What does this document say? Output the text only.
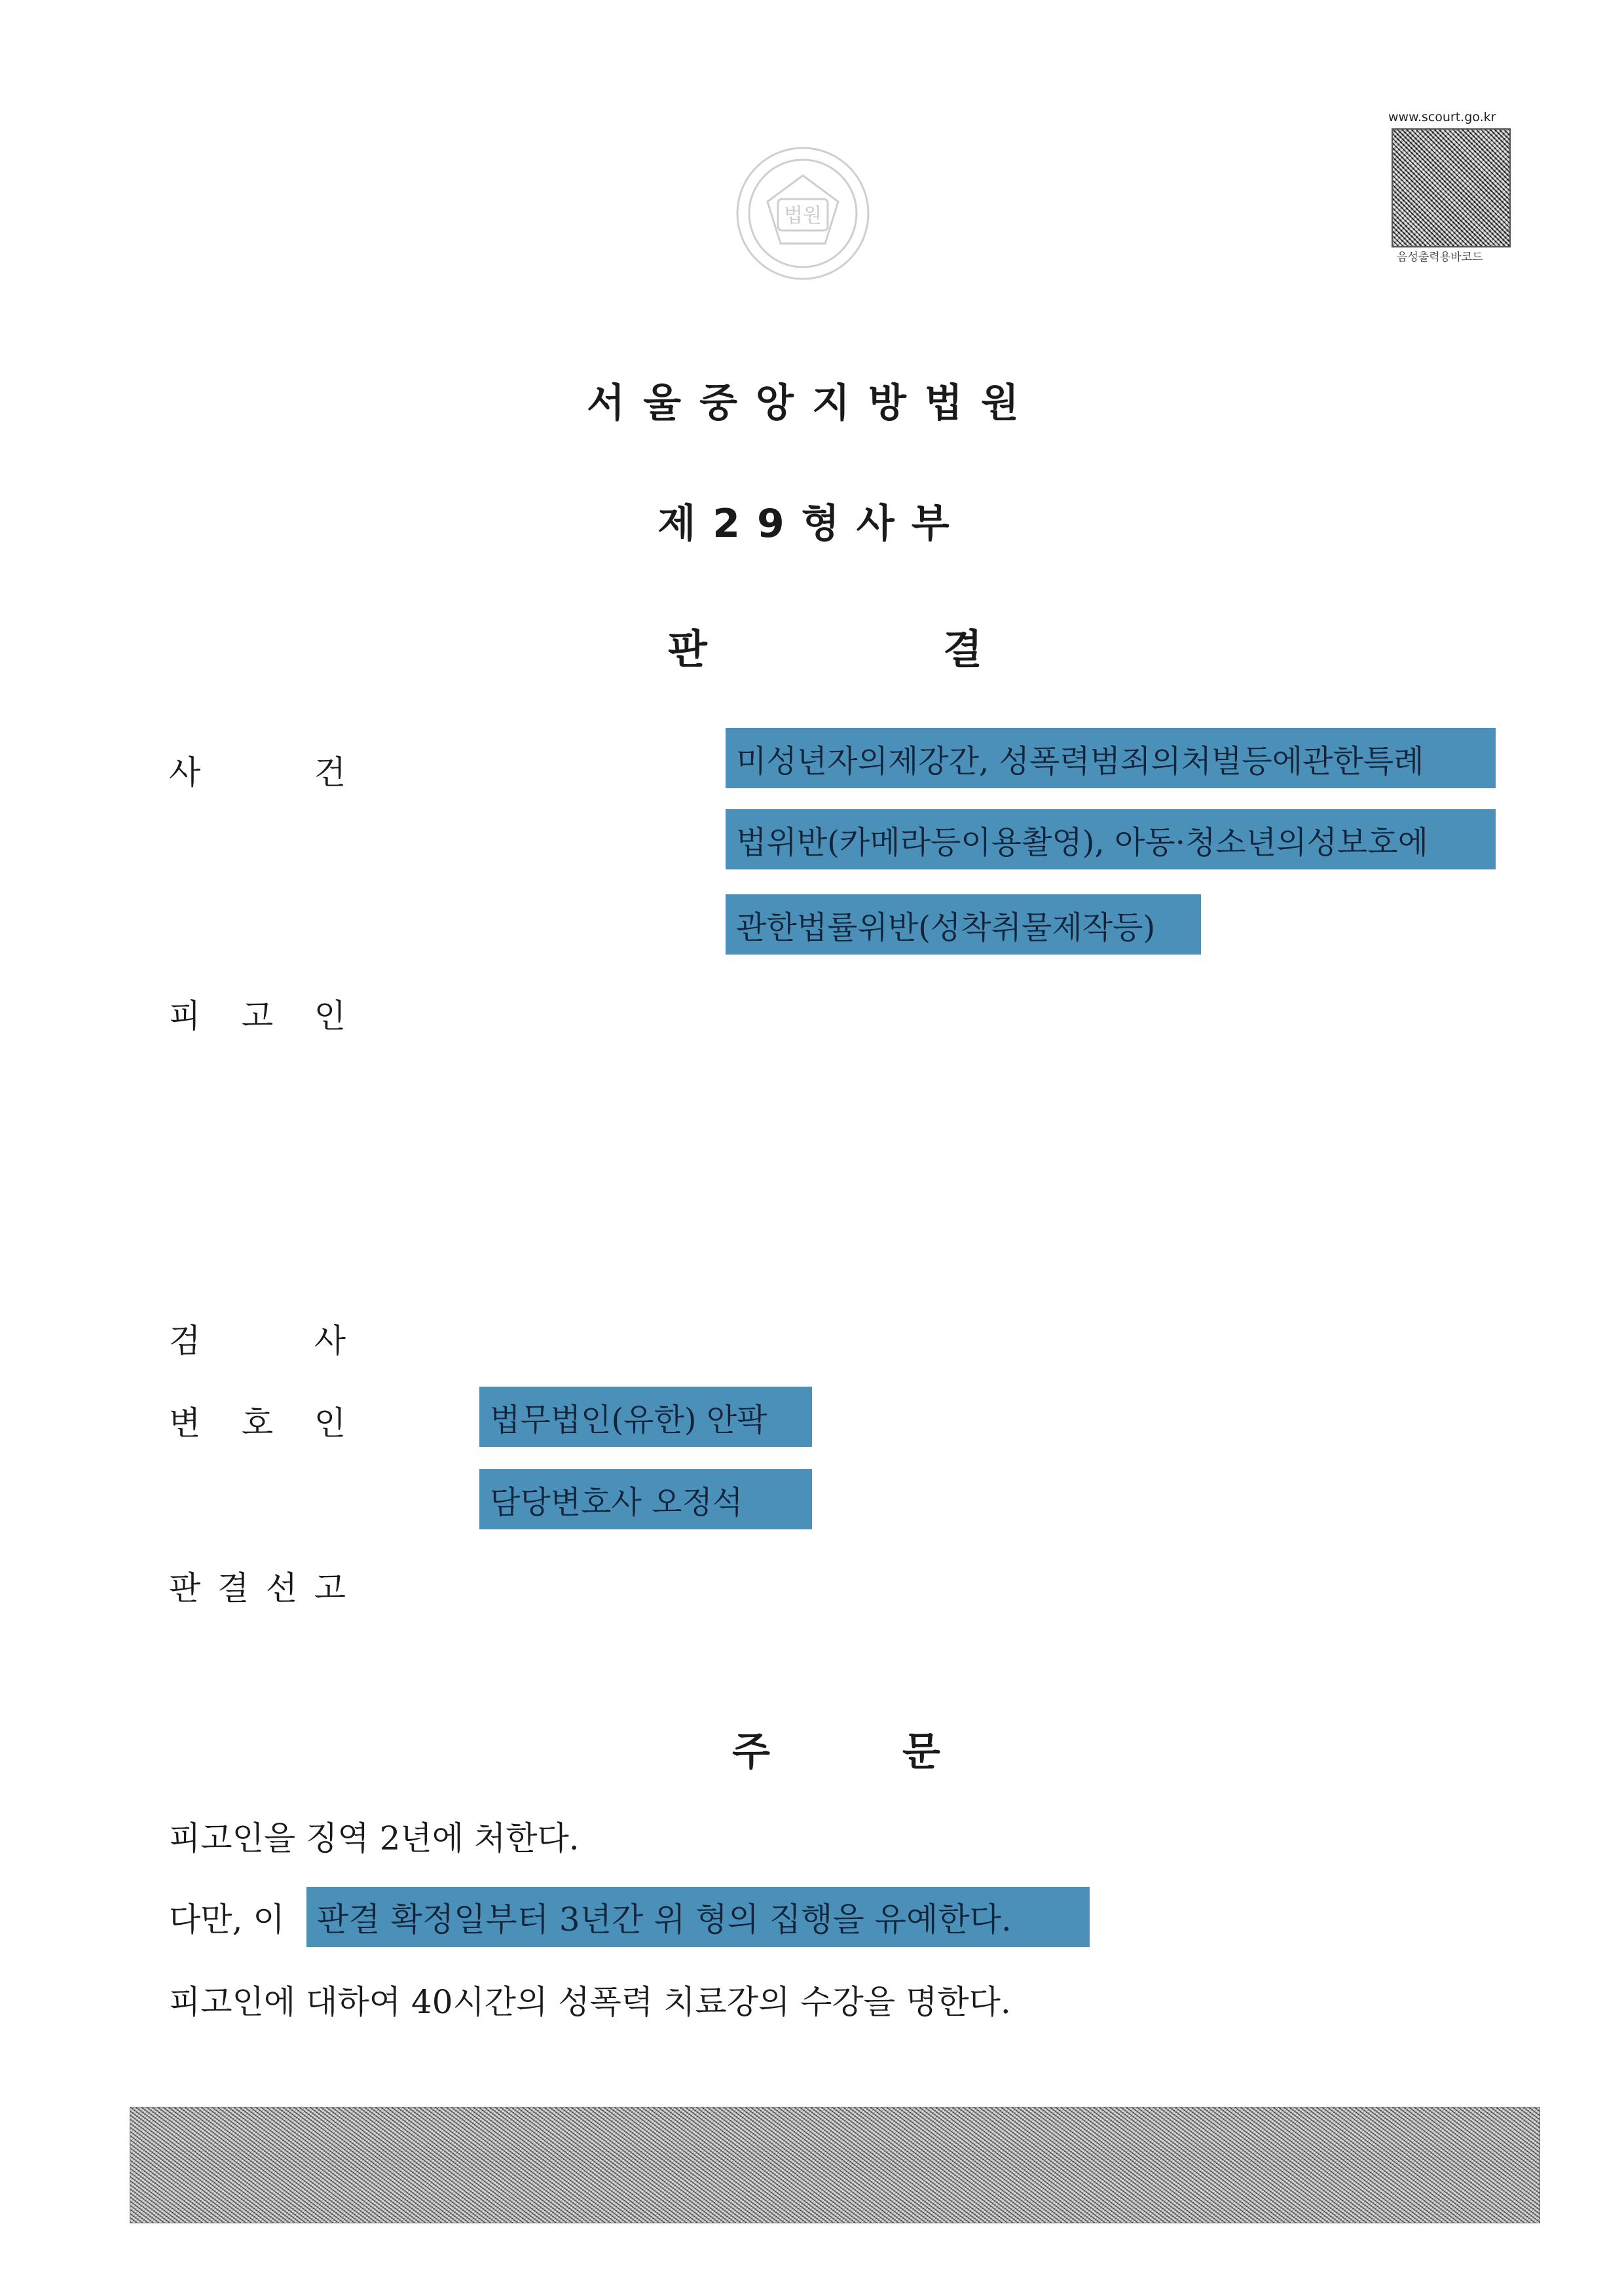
www.scourt.go.kr
음성출력용바코드
법원
서울중앙지방법원
제29형사부
판	결
사	건	미성년자의제강간, 성폭력범죄의처벌등에관한특례
법위반(카메라등이용촬영), 아동·청소년의성보호에
관한법률위반(성착취물제작등)
피 고 인
검	사
변 호 인	법무법인(유한) 안팍
담당변호사 오정석
판 결 선 고
주	문
피고인을 징역 2년에 처한다.
다만, 이 판결 확정일부터 3년간 위 형의 집행을 유예한다.
피고인에 대하여 40시간의 성폭력 치료강의 수강을 명한다.
